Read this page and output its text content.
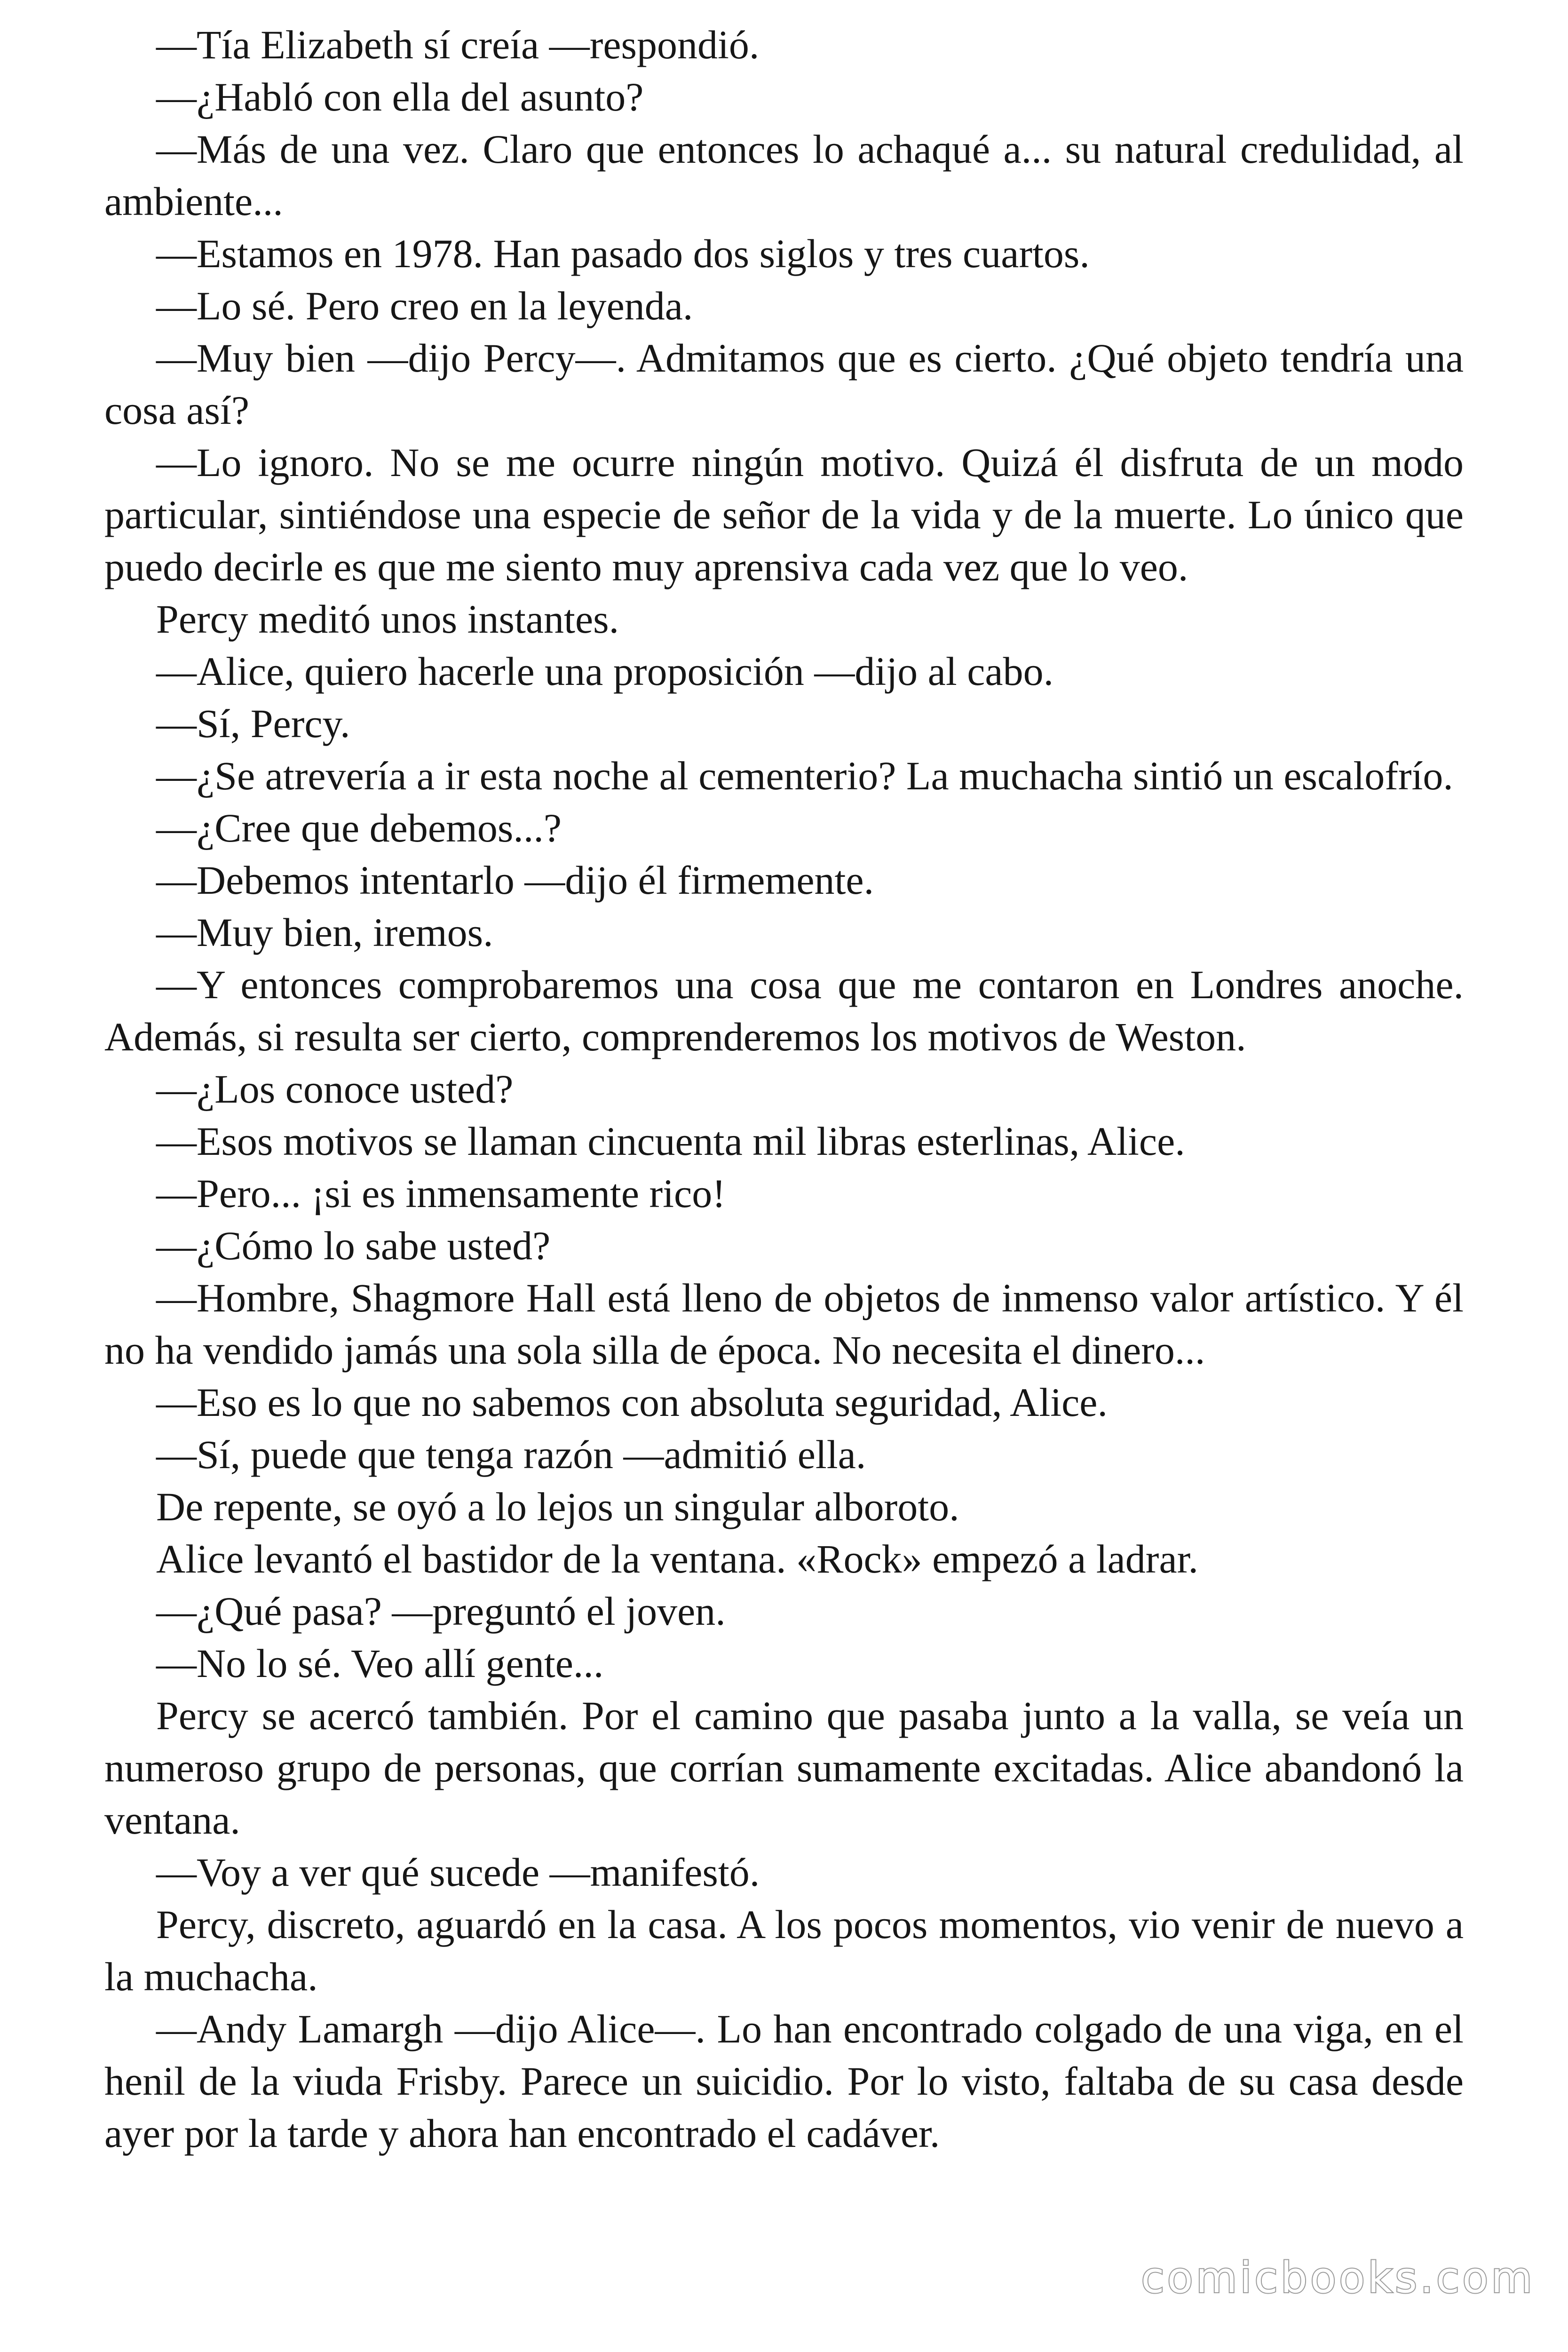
—Tía Elizabeth sí creía —respondió.

—¿Habló con ella del asunto?

—Más de una vez. Claro que entonces lo achaqué a... su natural credulidad, al ambiente...

—Estamos en 1978. Han pasado dos siglos y tres cuartos.

—Lo sé. Pero creo en la leyenda.

—Muy bien —dijo Percy—. Admitamos que es cierto. ¿Qué objeto tendría una cosa así?

—Lo ignoro. No se me ocurre ningún motivo. Quizá él disfruta de un modo particular, sintiéndose una especie de señor de la vida y de la muerte. Lo único que puedo decirle es que me siento muy aprensiva cada vez que lo veo.

Percy meditó unos instantes.

—Alice, quiero hacerle una proposición —dijo al cabo.

—Sí, Percy.

—¿Se atrevería a ir esta noche al cementerio? La muchacha sintió un escalofrío.

—¿Cree que debemos...?

—Debemos intentarlo —dijo él firmemente.

—Muy bien, iremos.

—Y entonces comprobaremos una cosa que me contaron en Londres anoche. Además, si resulta ser cierto, comprenderemos los motivos de Weston.

—¿Los conoce usted?

—Esos motivos se llaman cincuenta mil libras esterlinas, Alice.

—Pero... ¡si es inmensamente rico!

—¿Cómo lo sabe usted?

—Hombre, Shagmore Hall está lleno de objetos de inmenso valor artístico. Y él no ha vendido jamás una sola silla de época. No necesita el dinero...

—Eso es lo que no sabemos con absoluta seguridad, Alice.

—Sí, puede que tenga razón —admitió ella.

De repente, se oyó a lo lejos un singular alboroto.

Alice levantó el bastidor de la ventana. «Rock» empezó a ladrar.

—¿Qué pasa? —preguntó el joven.

—No lo sé. Veo allí gente...

Percy se acercó también. Por el camino que pasaba junto a la valla, se veía un numeroso grupo de personas, que corrían sumamente excitadas. Alice abandonó la ventana.

—Voy a ver qué sucede —manifestó.

Percy, discreto, aguardó en la casa. A los pocos momentos, vio venir de nuevo a la muchacha.

—Andy Lamargh —dijo Alice—. Lo han encontrado colgado de una viga, en el henil de la viuda Frisby. Parece un suicidio. Por lo visto, faltaba de su casa desde ayer por la tarde y ahora han encontrado el cadáver.

comicbooks.com
